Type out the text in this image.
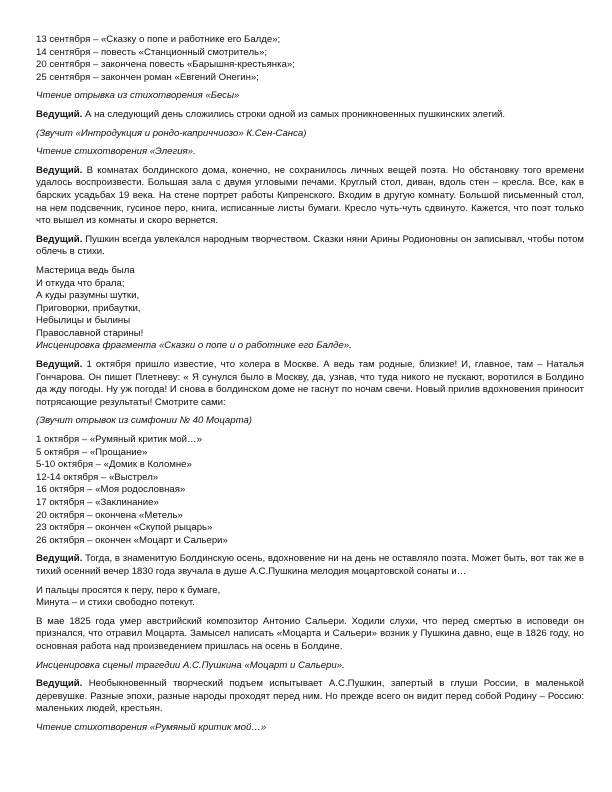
13 сентября – «Сказку о попе и работнике его Балде»;
14 сентября – повесть «Станционный смотритель»;
20 сентября – закончена повесть «Барышня-крестьянка»;
25 сентября – закончен роман «Евгений Онегин»;
Чтение отрывка из стихотворения «Бесы»
Ведущий. А на следующий день сложились строки одной из самых проникновенных пушкинских элегий.
(Звучит «Интродукция и рондо-каприччиозо» К.Сен-Санса)
Чтение стихотворения «Элегия».
Ведущий. В комнатах болдинского дома, конечно, не сохранилось личных вещей поэта. Но обстановку того времени удалось воспроизвести. Большая зала с двумя угловыми печами. Круглый стол, диван, вдоль стен – кресла. Все, как в барских усадьбах 19 века. На стене портрет работы Кипренского. Входим в другую комнату. Большой письменный стол, на нем подсвечник, гусиное перо, книга, исписанные листы бумаги. Кресло чуть-чуть сдвинуто. Кажется, что поэт только что вышел из комнаты и скоро вернется.
Ведущий. Пушкин всегда увлекался народным творчеством. Сказки няни Арины Родионовны он записывал, чтобы потом облечь в стихи.
Мастерица ведь была
И откуда что брала;
А куды разумны шутки,
Приговорки, прибаутки,
Небылицы и былины
Православной старины!
Инсценировка фрагмента «Сказки о попе и о работнике его Балде».
Ведущий. 1 октября пришло известие, что холера в Москве. А ведь там родные, близкие! И, главное, там – Наталья Гончарова. Он пишет Плетневу: « Я сунулся было в Москву, да, узнав, что туда никого не пускают, воротился в Болдино да жду погоды. Ну уж погода! И снова в болдинском доме не гаснут по ночам свечи. Новый прилив вдохновения приносит потрясающие результаты! Смотрите сами:
(Звучит отрывок из симфонии № 40 Моцарта)
1 октября – «Румяный критик мой…»
5 октября – «Прощание»
5-10 октября – «Домик в Коломне»
12-14 октября – «Выстрел»
16 октября – «Моя родословная»
17 октября – «Заклинание»
20 октября – окончена «Метель»
23 октября – окончен «Скупой рыцарь»
26 октября – окончен «Моцарт и Сальери»
Ведущий. Тогда, в знаменитую Болдинскую осень, вдохновение ни на день не оставляло поэта. Может быть, вот так же в тихий осенний вечер 1830 года звучала в душе А.С.Пушкина мелодия моцартовской сонаты и…
И пальцы просятся к перу, перо к бумаге,
Минута – и стихи свободно потекут.
В мае 1825 года умер австрийский композитор Антонио Сальери. Ходили слухи, что перед смертью в исповеди он признался, что отравил Моцарта. Замысел написать «Моцарта и Сальери» возник у Пушкина давно, еще в 1826 году, но основная работа над произведением пришлась на осень в Болдине.
Инсценировка сценыI трагедии А.С.Пушкина «Моцарт и Сальери».
Ведущий. Необыкновенный творческий подъем испытывает А.С.Пушкин, запертый в глуши России, в маленькой деревушке. Разные эпохи, разные народы проходят перед ним. Но прежде всего он видит перед собой Родину – Россию: маленьких людей, крестьян.
Чтение стихотворения «Румяный критик мой…»
